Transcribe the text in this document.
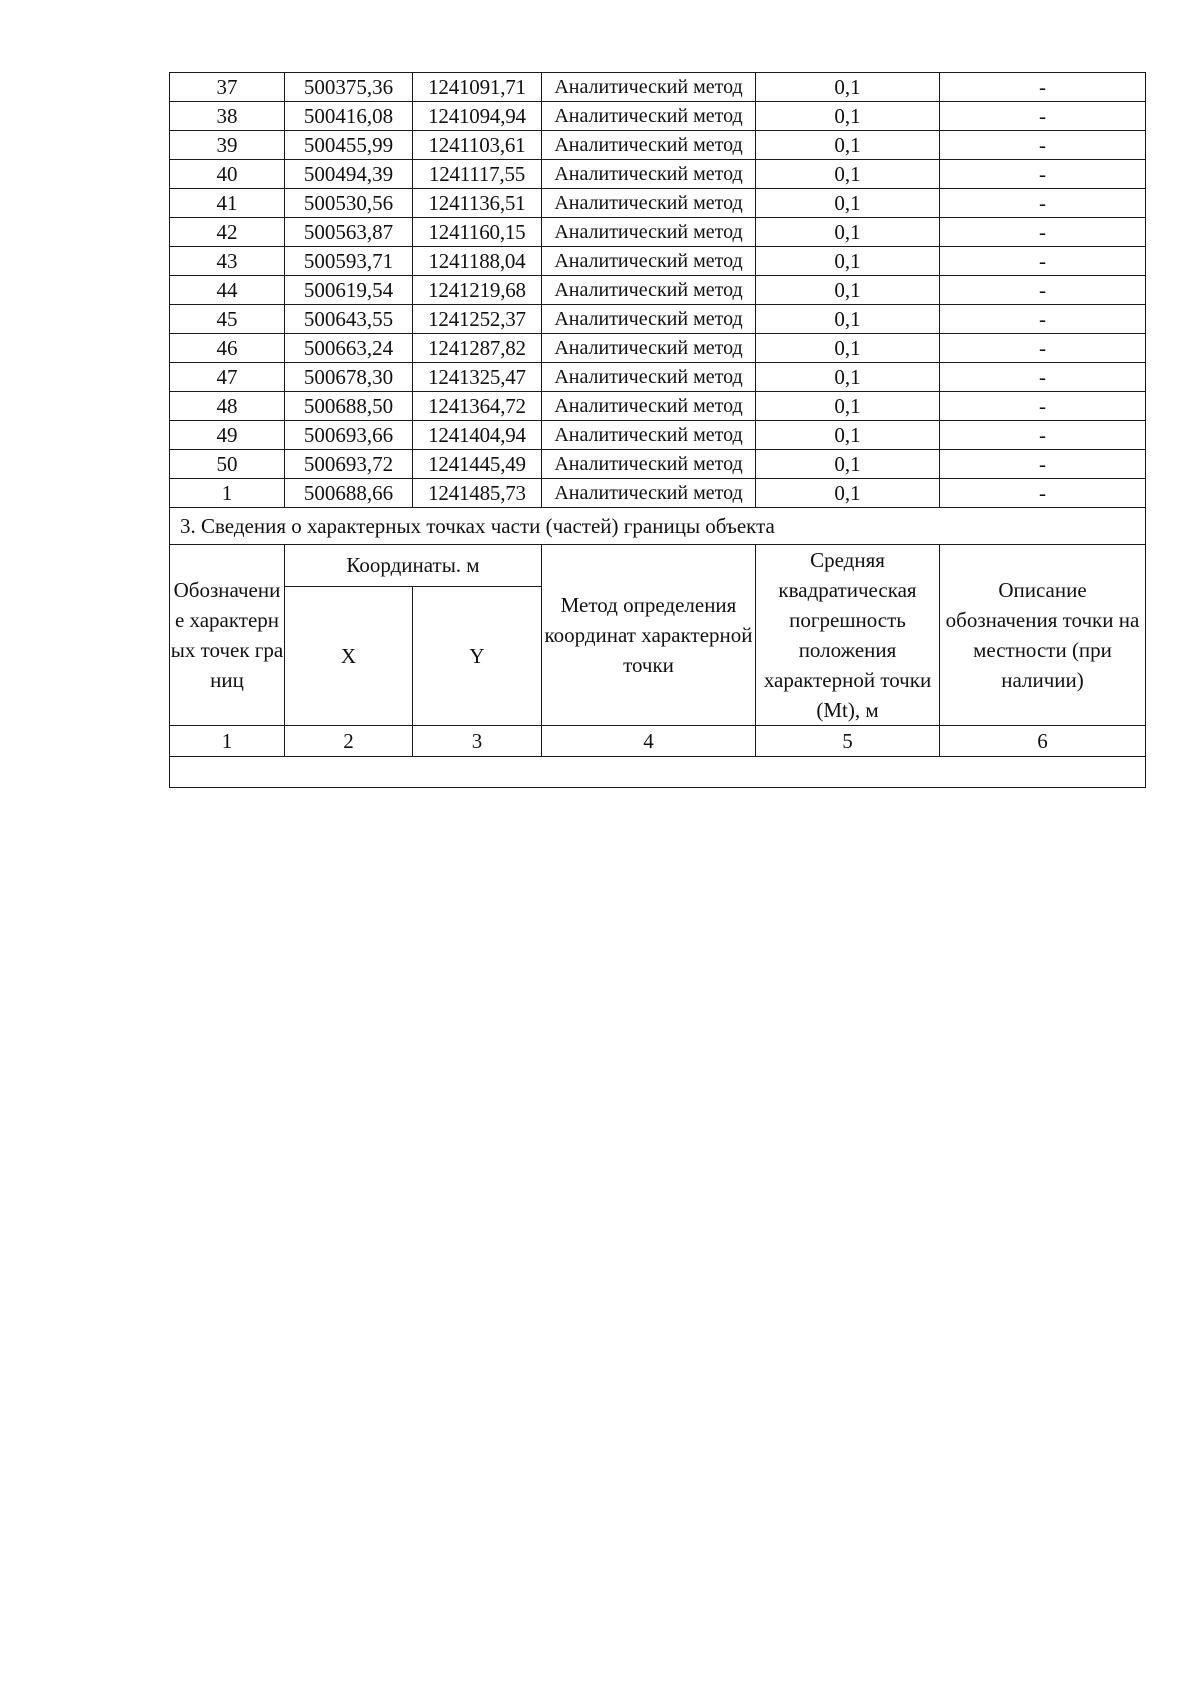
37	500375,36	1241091,71	Аналитический метод	0,1	-
38	500416,08	1241094,94	Аналитический метод	0,1	-
39	500455,99	1241103,61	Аналитический метод	0,1	-
40	500494,39	1241117,55	Аналитический метод	0,1	-
41	500530,56	1241136,51	Аналитический метод	0,1	-
42	500563,87	1241160,15	Аналитический метод	0,1	-
43	500593,71	1241188,04	Аналитический метод	0,1	-
44	500619,54	1241219,68	Аналитический метод	0,1	-
45	500643,55	1241252,37	Аналитический метод	0,1	-
46	500663,24	1241287,82	Аналитический метод	0,1	-
47	500678,30	1241325,47	Аналитический метод	0,1	-
48	500688,50	1241364,72	Аналитический метод	0,1	-
49	500693,66	1241404,94	Аналитический метод	0,1	-
50	500693,72	1241445,49	Аналитический метод	0,1	-
1	500688,66	1241485,73	Аналитический метод	0,1	-
3. Сведения о характерных точках части (частей) границы объекта					
Обозначение характерных точек границ	Координаты. м		Метод определения координат характерной точки	Средняя квадратическая погрешность положения характерной точки (Mt), м	Описание обозначения точки на местности (при наличии)
	X	Y			
1	2	3	4	5	6
